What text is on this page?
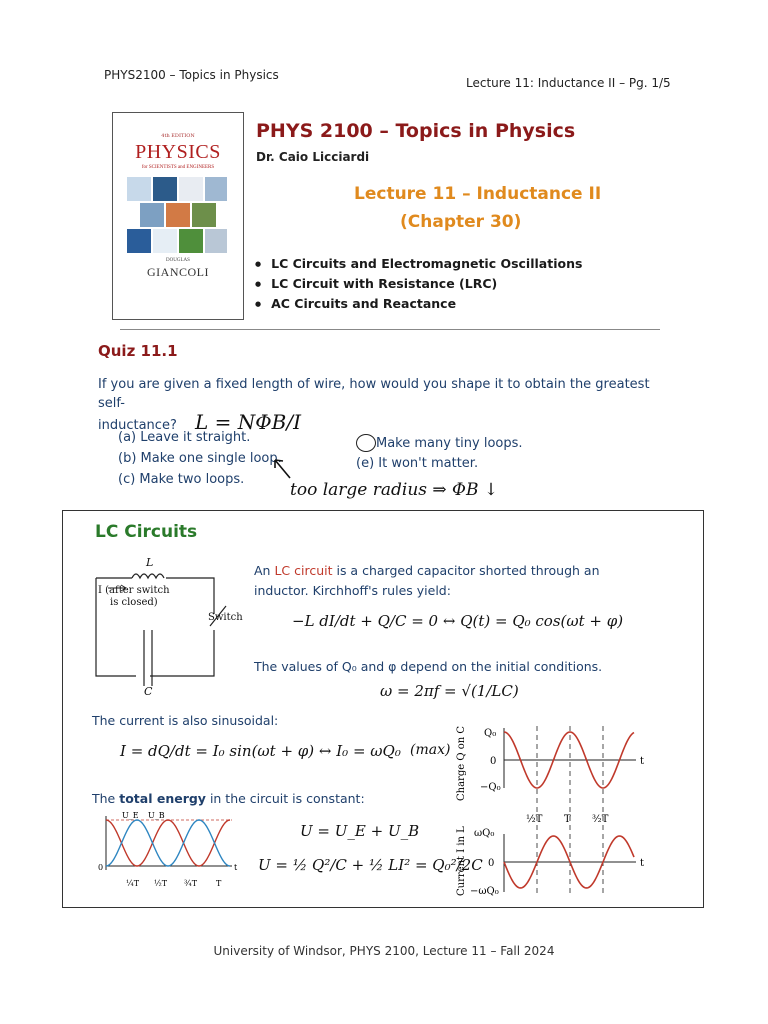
PHYS2100 – Topics in Physics
Lecture 11: Inductance II – Pg. 1/5
4th EDITION
PHYSICS
for SCIENTISTS and ENGINEERS
DOUGLAS
GIANCOLI
PHYS 2100 – Topics in Physics
Dr. Caio Licciardi
Lecture 11 – Inductance II
(Chapter 30)
● LC Circuits and Electromagnetic Oscillations
● LC Circuit with Resistance (LRC)
● AC Circuits and Reactance
Quiz 11.1
If you are given a fixed length of wire, how would you shape it to obtain the greatest self-
inductance? L = NΦB/I
(a) Leave it straight.
(b) Make one single loop.
(c) Make two loops.
Make many tiny loops.
(e) It won't matter.
too large radius ⇒ ΦB ↓
LC Circuits
L
I (after switch
is closed)
Switch
C
An LC circuit is a charged capacitor shorted through an
inductor. Kirchhoff's rules yield:
−L dI/dt + Q/C = 0 ↔ Q(t) = Q₀ cos(ωt + φ)
The values of Q₀ and φ depend on the initial conditions.
ω = 2πf = √(1/LC)
The current is also sinusoidal:
I = dQ/dt = I₀ sin(ωt + φ) ↔ I₀ = ωQ₀ (max)
The total energy in the circuit is constant:
U = U_E + U_B
U = ½ Q²/C + ½ LI² = Q₀²/2C
U_E U_B
0
¼T ½T ¾T T
t
Charge Q on C
Current I in L
Q₀
0
−Q₀
t
½T T ³⁄₂T
ωQ₀
0
−ωQ₀
t
University of Windsor, PHYS 2100, Lecture 11 – Fall 2024
